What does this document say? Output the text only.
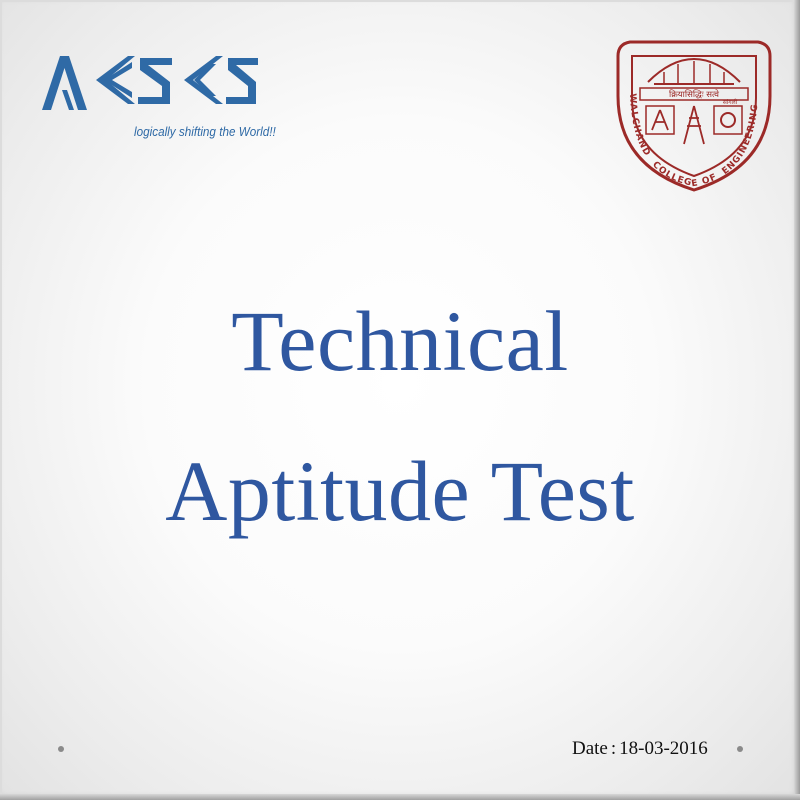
logically shifting the World!!
क्रियासिद्धिः सत्वे
सांगली
WALCHAND COLLEGE OF ENGINEERING
Technical
Aptitude Test
Date : 18-03-2016
